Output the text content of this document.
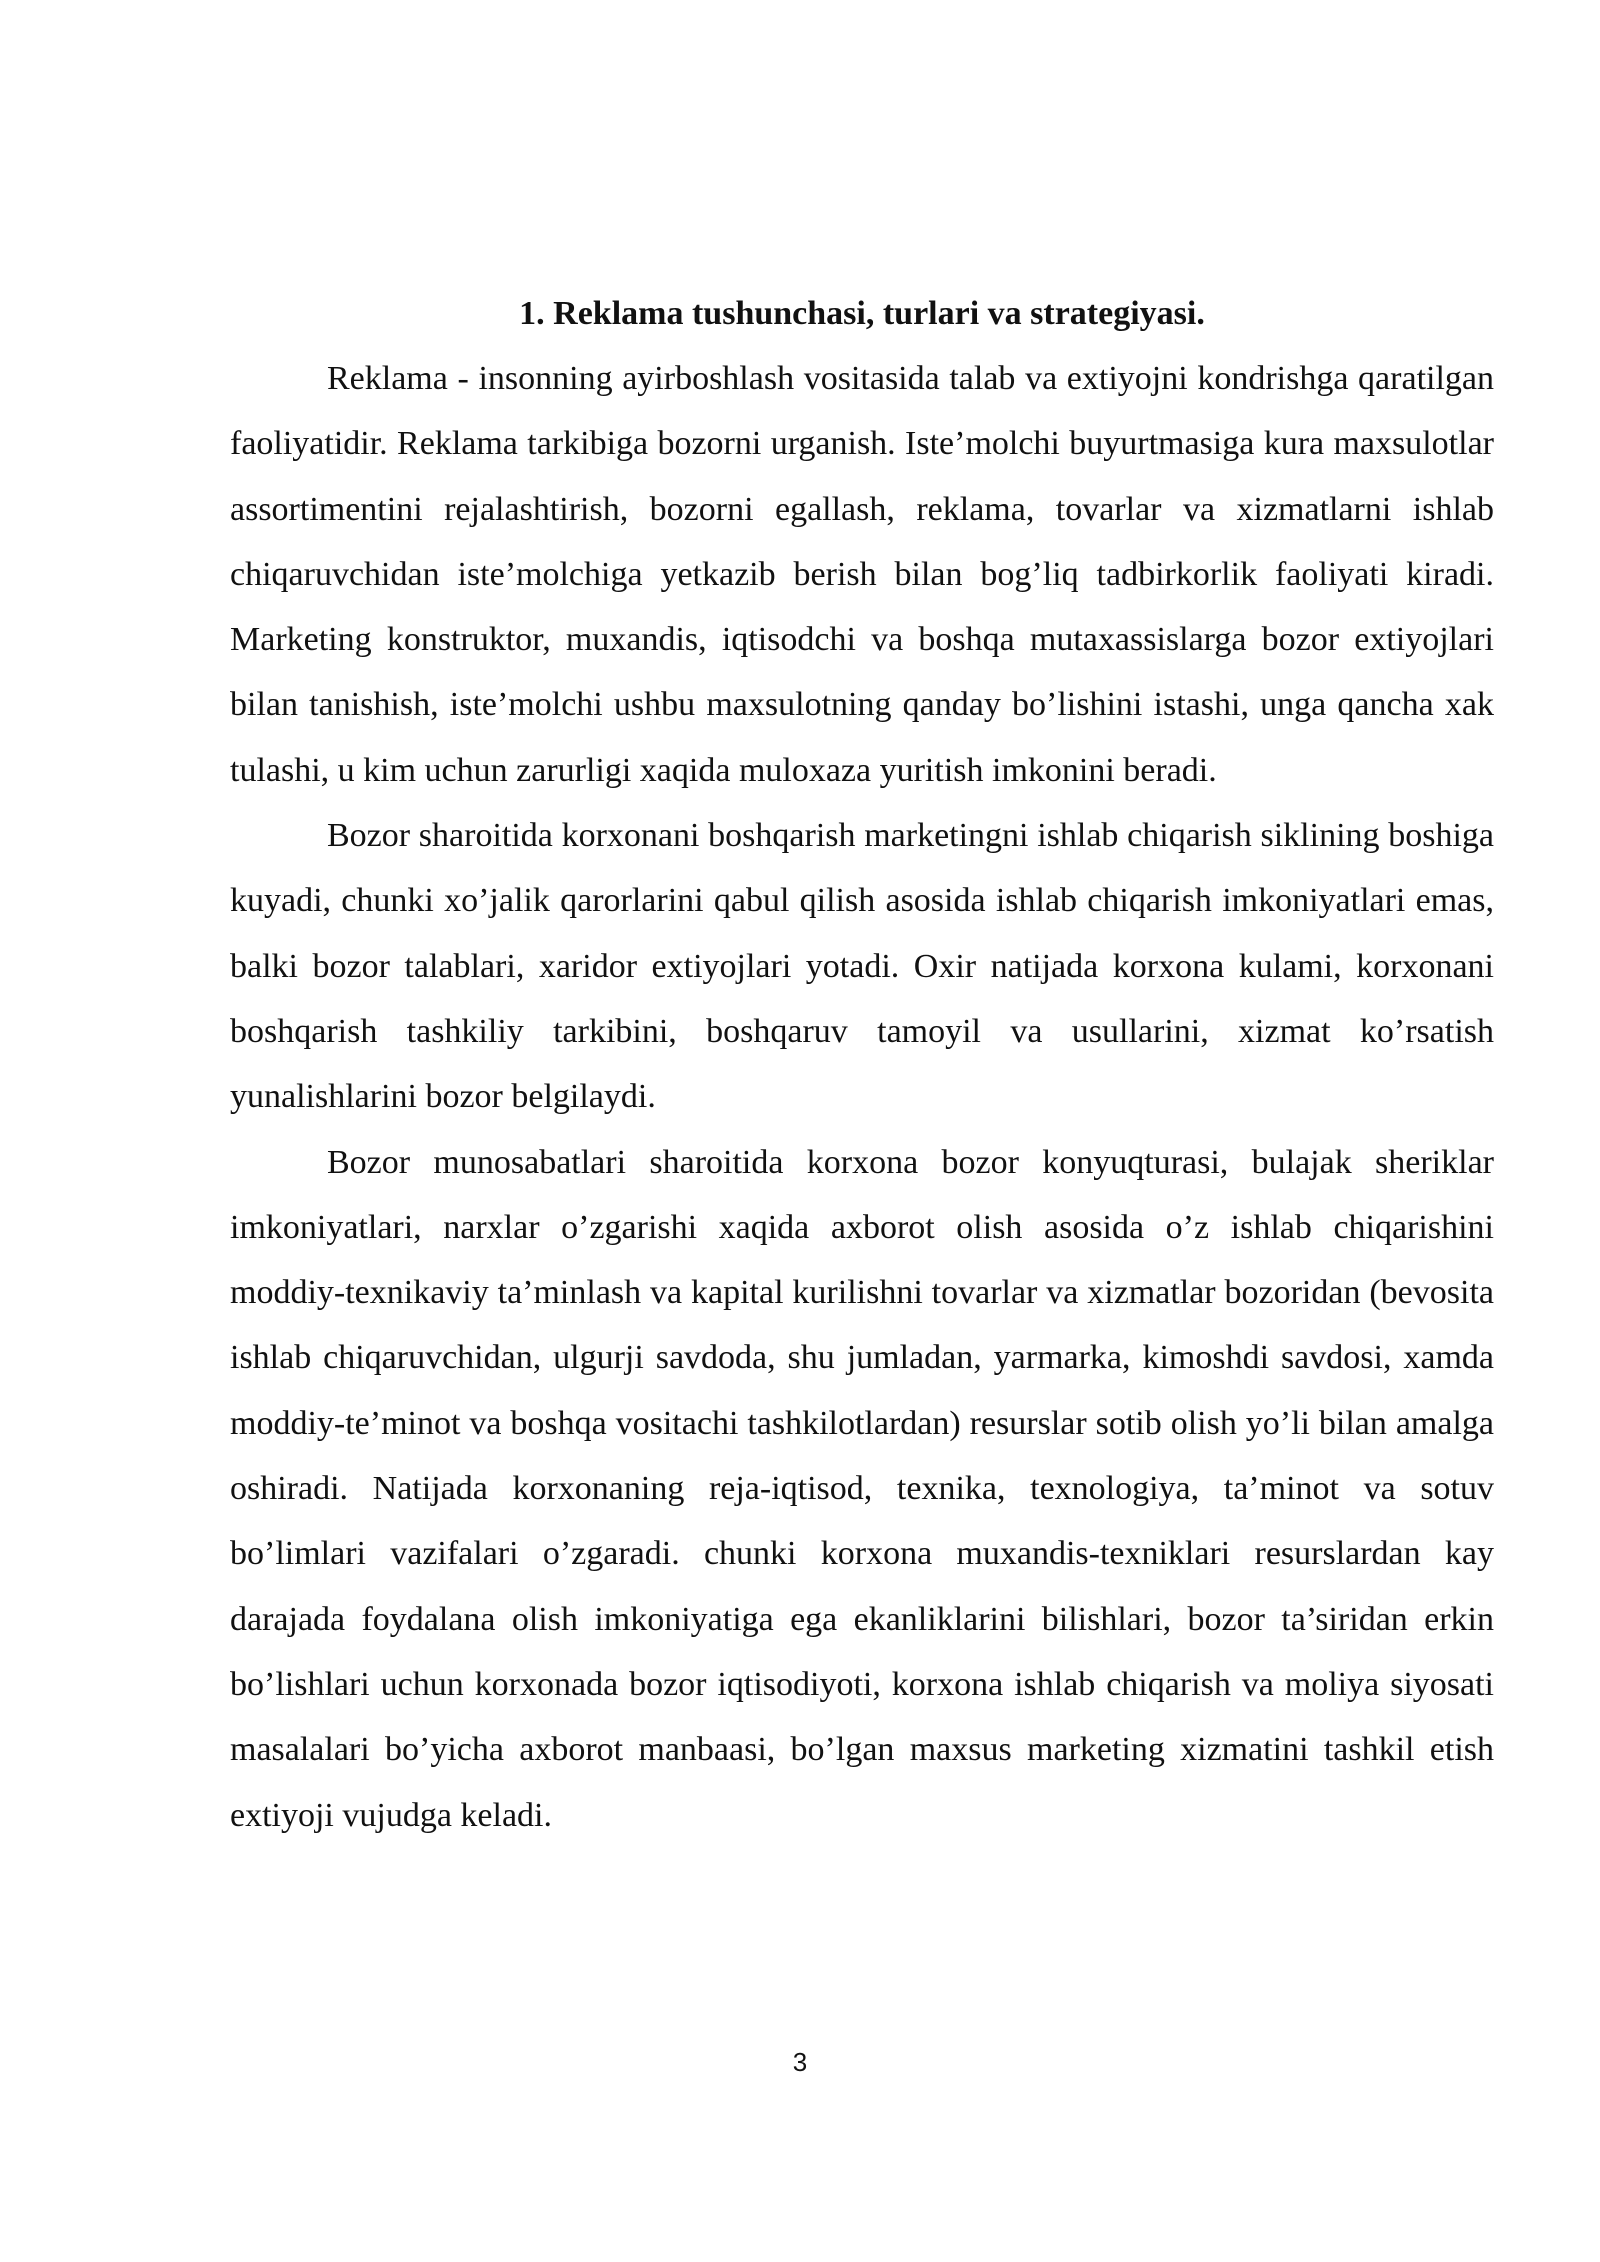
1. Reklama tushunchasi, turlari va strategiyasi.

Reklama - insonning ayirboshlash vositasida talab va extiyojni kondrishga qaratilgan faoliyatidir. Reklama tarkibiga bozorni urganish. Iste’molchi buyurtmasiga kura maxsulotlar assortimentini rejalashtirish, bozorni egallash, reklama, tovarlar va xizmatlarni ishlab chiqaruvchidan iste’molchiga yetkazib berish bilan bog’liq tadbirkorlik faoliyati kiradi. Marketing konstruktor, muxandis, iqtisodchi va boshqa mutaxassislarga bozor extiyojlari bilan tanishish, iste’molchi ushbu maxsulotning qanday bo’lishini istashi, unga qancha xak tulashi, u kim uchun zarurligi xaqida muloxaza yuritish imkonini beradi.

Bozor sharoitida korxonani boshqarish marketingni ishlab chiqarish siklining boshiga kuyadi, chunki xo’jalik qarorlarini qabul qilish asosida ishlab chiqarish imkoniyatlari emas, balki bozor talablari, xaridor extiyojlari yotadi. Oxir natijada korxona kulami, korxonani boshqarish tashkiliy tarkibini, boshqaruv tamoyil va usullarini, xizmat ko’rsatish yunalishlarini bozor belgilaydi.

Bozor munosabatlari sharoitida korxona bozor konyuqturasi, bulajak sheriklar imkoniyatlari, narxlar o’zgarishi xaqida axborot olish asosida o’z ishlab chiqarishini moddiy-texnikaviy ta’minlash va kapital kurilishni tovarlar va xizmatlar bozoridan (bevosita ishlab chiqaruvchidan, ulgurji savdoda, shu jumladan, yarmarka, kimoshdi savdosi, xamda moddiy-te’minot va boshqa vositachi tashkilotlardan) resurslar sotib olish yo’li bilan amalga oshiradi. Natijada korxonaning reja-iqtisod, texnika, texnologiya, ta’minot va sotuv bo’limlari vazifalari o’zgaradi. chunki korxona muxandis-texniklari resurslardan kay darajada foydalana olish imkoniyatiga ega ekanliklarini bilishlari, bozor ta’siridan erkin bo’lishlari uchun korxonada bozor iqtisodiyoti, korxona ishlab chiqarish va moliya siyosati masalalari bo’yicha axborot manbaasi, bo’lgan maxsus marketing xizmatini tashkil etish extiyoji vujudga keladi.

3
